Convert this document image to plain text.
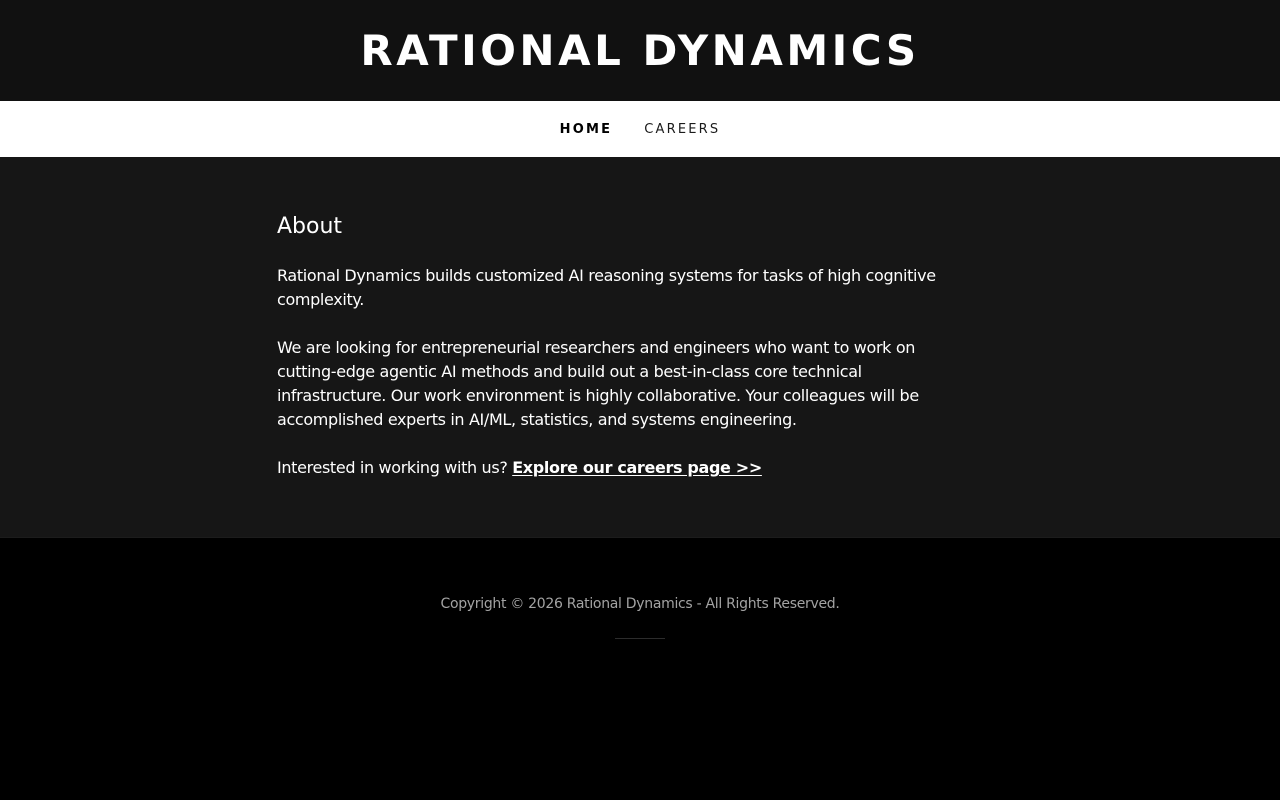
RATIONAL DYNAMICS
HOME CAREERS
About

Rational Dynamics builds customized AI reasoning systems for tasks of high cognitive complexity.

We are looking for entrepreneurial researchers and engineers who want to work on cutting-edge agentic AI methods and build out a best-in-class core technical infrastructure. Our work environment is highly collaborative. Your colleagues will be accomplished experts in AI/ML, statistics, and systems engineering.

Interested in working with us? Explore our careers page >>

Copyright © 2026 Rational Dynamics - All Rights Reserved.
